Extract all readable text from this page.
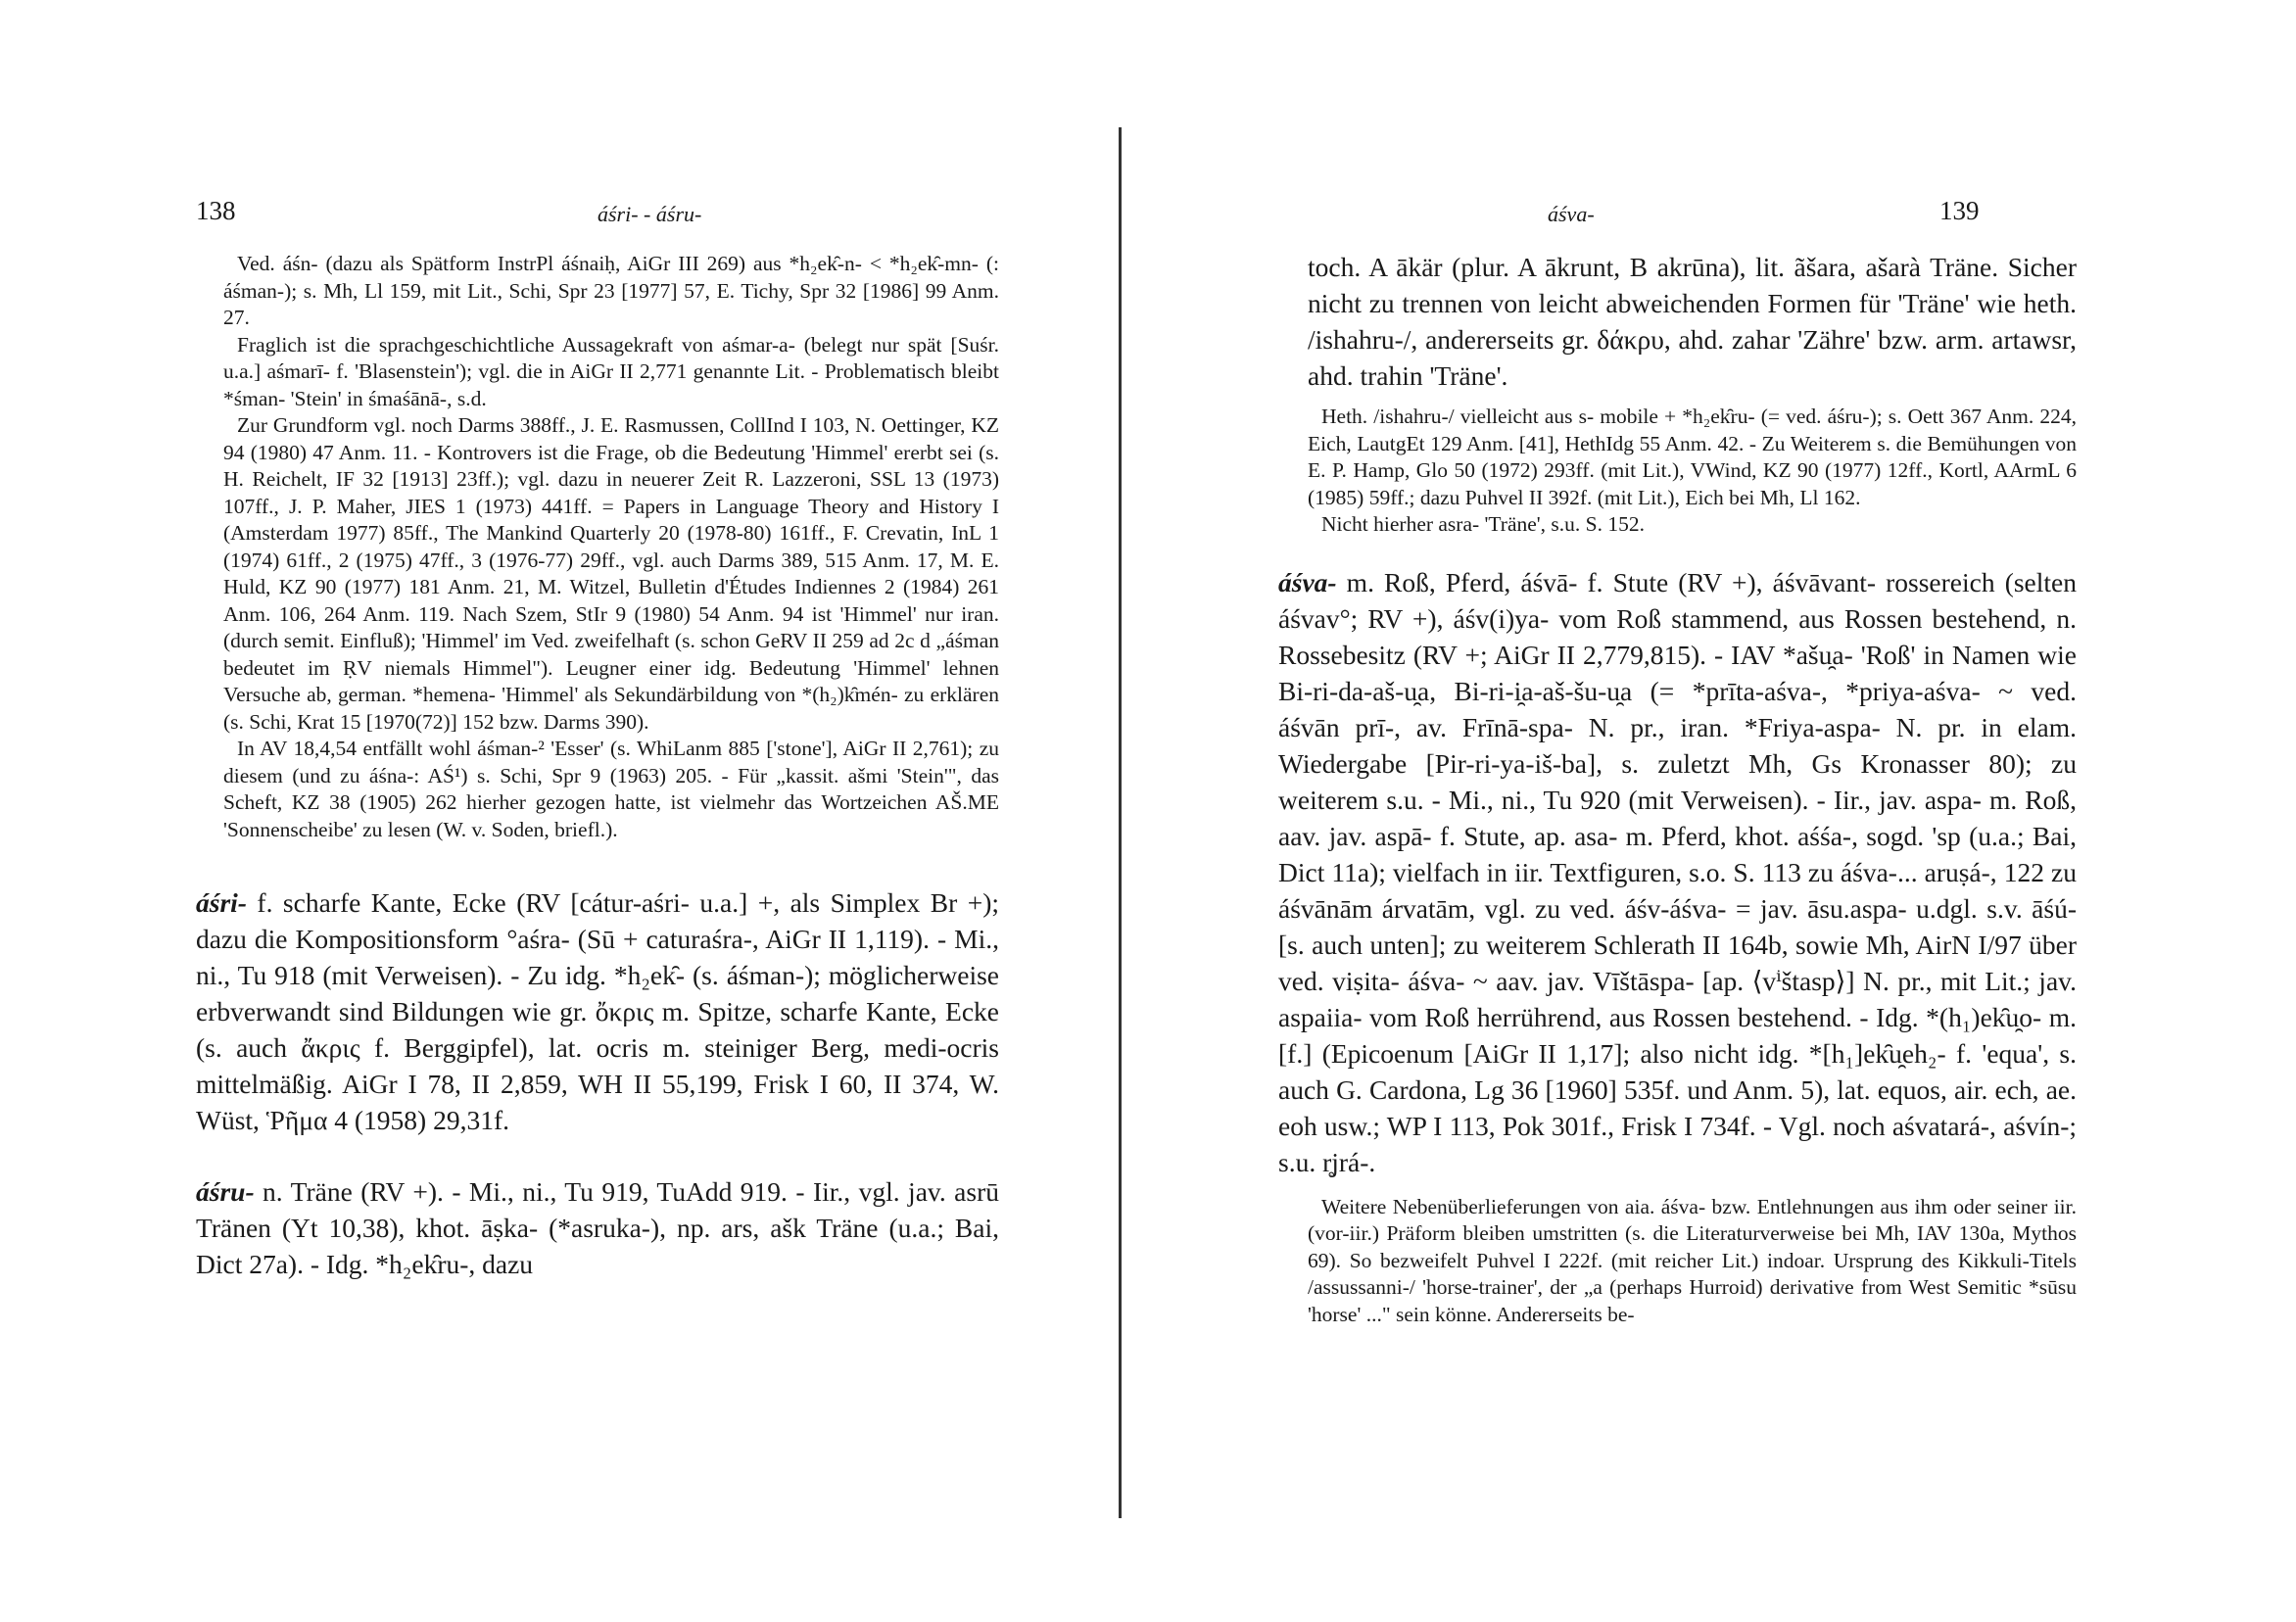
138	áśri- - áśru-	áśva-	139

Ved. áśn- (dazu als Spätform InstrPl áśnaiḥ, AiGr III 269) aus *h₂ek̑-n- < *h₂ek̑-mn- (: áśman-); s. Mh, Ll 159, mit Lit., Schi, Spr 23 [1977] 57, E. Tichy, Spr 32 [1986] 99 Anm. 27.

Fraglich ist die sprachgeschichtliche Aussagekraft von aśmar-a- (belegt nur spät [Suśr. u.a.] aśmarī- f. 'Blasenstein'); vgl. die in AiGr II 2,771 genannte Lit. - Problematisch bleibt *śman- 'Stein' in śmaśānā-, s.d.

Zur Grundform vgl. noch Darms 388ff., J. E. Rasmussen, CollInd I 103, N. Oettinger, KZ 94 (1980) 47 Anm. 11. - Kontrovers ist die Frage, ob die Bedeutung 'Himmel' ererbt sei (s. H. Reichelt, IF 32 [1913] 23ff.); vgl. dazu in neuerer Zeit R. Lazzeroni, SSL 13 (1973) 107ff., J. P. Maher, JIES 1 (1973) 441ff. = Papers in Language Theory and History I (Amsterdam 1977) 85ff., The Mankind Quarterly 20 (1978-80) 161ff., F. Crevatin, InL 1 (1974) 61ff., 2 (1975) 47ff., 3 (1976-77) 29ff., vgl. auch Darms 389, 515 Anm. 17, M. E. Huld, KZ 90 (1977) 181 Anm. 21, M. Witzel, Bulletin d'Études Indiennes 2 (1984) 261 Anm. 106, 264 Anm. 119. Nach Szem, StIr 9 (1980) 54 Anm. 94 ist 'Himmel' nur iran. (durch semit. Einfluß); 'Himmel' im Ved. zweifelhaft (s. schon GeRV II 259 ad 2c d „áśman bedeutet im ṚV niemals Himmel"). Leugner einer idg. Bedeutung 'Himmel' lehnen Versuche ab, german. *hemena- 'Himmel' als Sekundärbildung von *(h₂)k̑mén- zu erklären (s. Schi, Krat 15 [1970(72)] 152 bzw. Darms 390).

In AV 18,4,54 entfällt wohl áśman-² 'Esser' (s. WhiLanm 885 ['stone'], AiGr II 2,761); zu diesem (und zu áśna-: AŚ¹) s. Schi, Spr 9 (1963) 205. - Für „kassit. ašmi 'Stein'", das Scheft, KZ 38 (1905) 262 hierher gezogen hatte, ist vielmehr das Wortzeichen AŠ.ME 'Sonnenscheibe' zu lesen (W. v. Soden, briefl.).

áśri- f. scharfe Kante, Ecke (RV [cátur-aśri- u.a.] +, als Simplex Br +); dazu die Kompositionsform °aśra- (Sū + caturaśra-, AiGr II 1,119). - Mi., ni., Tu 918 (mit Verweisen). - Zu idg. *h₂ek̑- (s. áśman-); möglicherweise erbverwandt sind Bildungen wie gr. ὄκρις m. Spitze, scharfe Kante, Ecke (s. auch ἄκρις f. Berggipfel), lat. ocris m. steiniger Berg, medi-ocris mittelmäßig. AiGr I 78, II 2,859, WH II 55,199, Frisk I 60, II 374, W. Wüst, Ῥῆμα 4 (1958) 29,31f.

áśru- n. Träne (RV +). - Mi., ni., Tu 919, TuAdd 919. - Iir., vgl. jav. asrū Tränen (Yt 10,38), khot. āṣka- (*asruka-), np. ars, ašk Träne (u.a.; Bai, Dict 27a). - Idg. *h₂ek̑ru-, dazu

toch. A ākär (plur. A ākrunt, B akrūna), lit. ãšara, ašarà Träne. Sicher nicht zu trennen von leicht abweichenden Formen für 'Träne' wie heth. /ishahru-/, andererseits gr. δάκρυ, ahd. zahar 'Zähre' bzw. arm. artawsr, ahd. trahin 'Träne'.

Heth. /ishahru-/ vielleicht aus s- mobile + *h₂ek̑ru- (= ved. áśru-); s. Oett 367 Anm. 224, Eich, LautgEt 129 Anm. [41], HethIdg 55 Anm. 42. - Zu Weiterem s. die Bemühungen von E. P. Hamp, Glo 50 (1972) 293ff. (mit Lit.), VWind, KZ 90 (1977) 12ff., Kortl, AArmL 6 (1985) 59ff.; dazu Puhvel II 392f. (mit Lit.), Eich bei Mh, Ll 162.

Nicht hierher asra- 'Träne', s.u. S. 152.

áśva- m. Roß, Pferd, áśvā- f. Stute (RV +), áśvāvant- rossereich (selten áśvav°; RV +), áśv(i)ya- vom Roß stammend, aus Rossen bestehend, n. Rossebesitz (RV +; AiGr II 2,779,815). - IAV *ašu̯a- 'Roß' in Namen wie Bi-ri-da-aš-u̯a, Bi-ri-i̯a-aš-šu-u̯a (= *prīta-aśva-, *priya-aśva- ~ ved. áśvān prī-, av. Frīnā-spa- N. pr., iran. *Friya-aspa- N. pr. in elam. Wiedergabe [Pir-ri-ya-iš-ba], s. zuletzt Mh, Gs Kronasser 80); zu weiterem s.u. - Mi., ni., Tu 920 (mit Verweisen). - Iir., jav. aspa- m. Roß, aav. jav. aspā- f. Stute, ap. asa- m. Pferd, khot. aśśa-, sogd. 'sp (u.a.; Bai, Dict 11a); vielfach in iir. Textfiguren, s.o. S. 113 zu áśva-... aruṣá-, 122 zu áśvānām árvatām, vgl. zu ved. áśv-áśva- = jav. āsu.aspa- u.dgl. s.v. āśú- [s. auch unten]; zu weiterem Schlerath II 164b, sowie Mh, AirN I/97 über ved. viṣita- áśva- ~ aav. jav. Vīštāspa- [ap. ⟨vⁱštasp⟩] N. pr., mit Lit.; jav. aspaiia- vom Roß herrührend, aus Rossen bestehend. - Idg. *(h₁)ek̑u̯o- m. [f.] (Epicoenum [AiGr II 1,17]; also nicht idg. *[h₁]ek̑u̯eh₂- f. 'equa', s. auch G. Cardona, Lg 36 [1960] 535f. und Anm. 5), lat. equos, air. ech, ae. eoh usw.; WP I 113, Pok 301f., Frisk I 734f. - Vgl. noch aśvatará-, aśvín-; s.u. r̥jrá-.

Weitere Nebenüberlieferungen von aia. áśva- bzw. Entlehnungen aus ihm oder seiner iir. (vor-iir.) Präform bleiben umstritten (s. die Literaturverweise bei Mh, IAV 130a, Mythos 69). So bezweifelt Puhvel I 222f. (mit reicher Lit.) indoar. Ursprung des Kikkuli-Titels /assussanni-/ 'horse-trainer', der „a (perhaps Hurroid) derivative from West Semitic *sūsu 'horse' ..." sein könne. Andererseits be-
